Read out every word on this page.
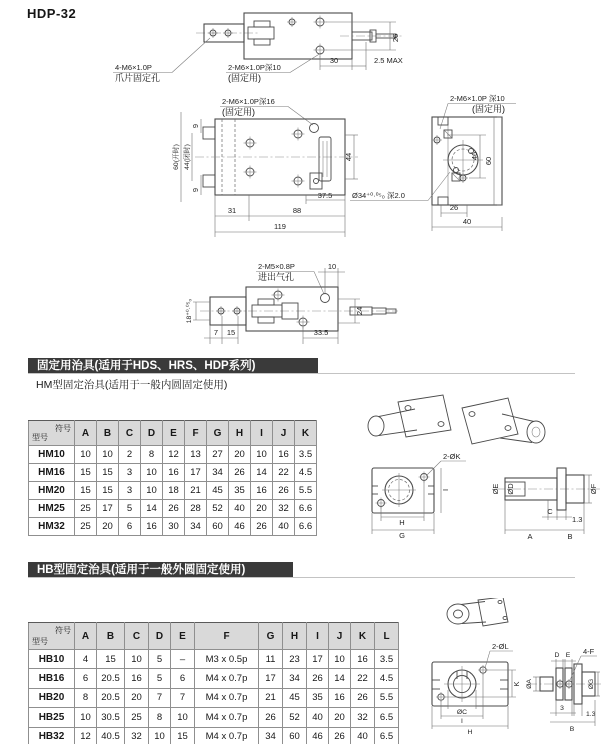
HDP-32
26
30	2.5 MAX
4-M6×1.0P
爪片固定孔
2-M6×1.0P深10
(固定用)
2-M6×1.0P深16
(固定用)
9
9
44(闭时)
60(开时)	44
37.5
31	88
119
2-M6×1.0P 深10
(固定用)
46
60
26
40
Ø34⁺⁰·⁰⁵₀ 深2.0
2-M5×0.8P
进出气孔
10
24
18⁺⁰·⁰⁵₀
7 15	33.5
固定用治具(适用于HDS、HRS、HDP系列)
HM型固定治具(适用于一般内圆固定使用)
符号
型号	A	B	C	D	E	F	G	H	I	J	K
HM10	10	10	2	8	12	13	27	20	10	16	3.5
HM16	15	15	3	10	16	17	34	26	14	22	4.5
HM20	15	15	3	10	18	21	45	35	16	26	5.5
HM25	25	17	5	14	26	28	52	40	20	32	6.6
HM32	25	20	6	16	30	34	60	46	26	40	6.6
2-ØK
I
H
G
ØE ØD	ØF
C
1.3
A	B
HB型固定治具(适用于一般外圆固定使用)
符号
型号	A	B	C	D	E	F	G	H	I	J	K	L
HB10	4	15	10	5	–	M3 x 0.5p	11	23	17	10	16	3.5
HB16	6	20.5	16	5	6	M4 x 0.7p	17	34	26	14	22	4.5
HB20	8	20.5	20	7	7	M4 x 0.7p	21	45	35	16	26	5.5
HB25	10	30.5	25	8	10	M4 x 0.7p	26	52	40	20	32	6.5
HB32	12	40.5	32	10	15	M4 x 0.7p	34	60	46	26	40	6.5
2-ØL
K
ØC
I
H
D E 4-F
ØA	ØG
3
1.3
B
